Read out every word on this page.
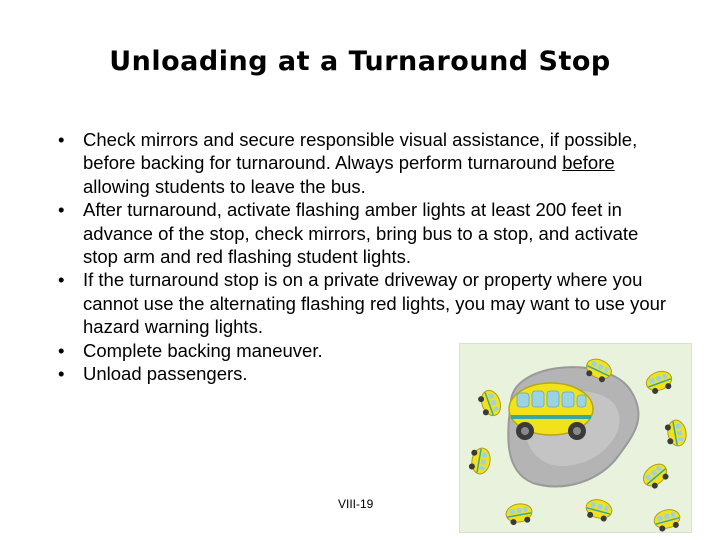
Unloading at a Turnaround Stop
• Check mirrors and secure responsible visual assistance, if possible, before backing for turnaround. Always perform turnaround before allowing students to leave the bus.
• After turnaround, activate flashing amber lights at least 200 feet in advance of the stop, check mirrors, bring bus to a stop, and activate stop arm and red flashing student lights.
• If the turnaround stop is on a private driveway or property where you cannot use the alternating flashing red lights, you may want to use your hazard warning lights.
• Complete backing maneuver.
• Unload passengers.
VIII-19
